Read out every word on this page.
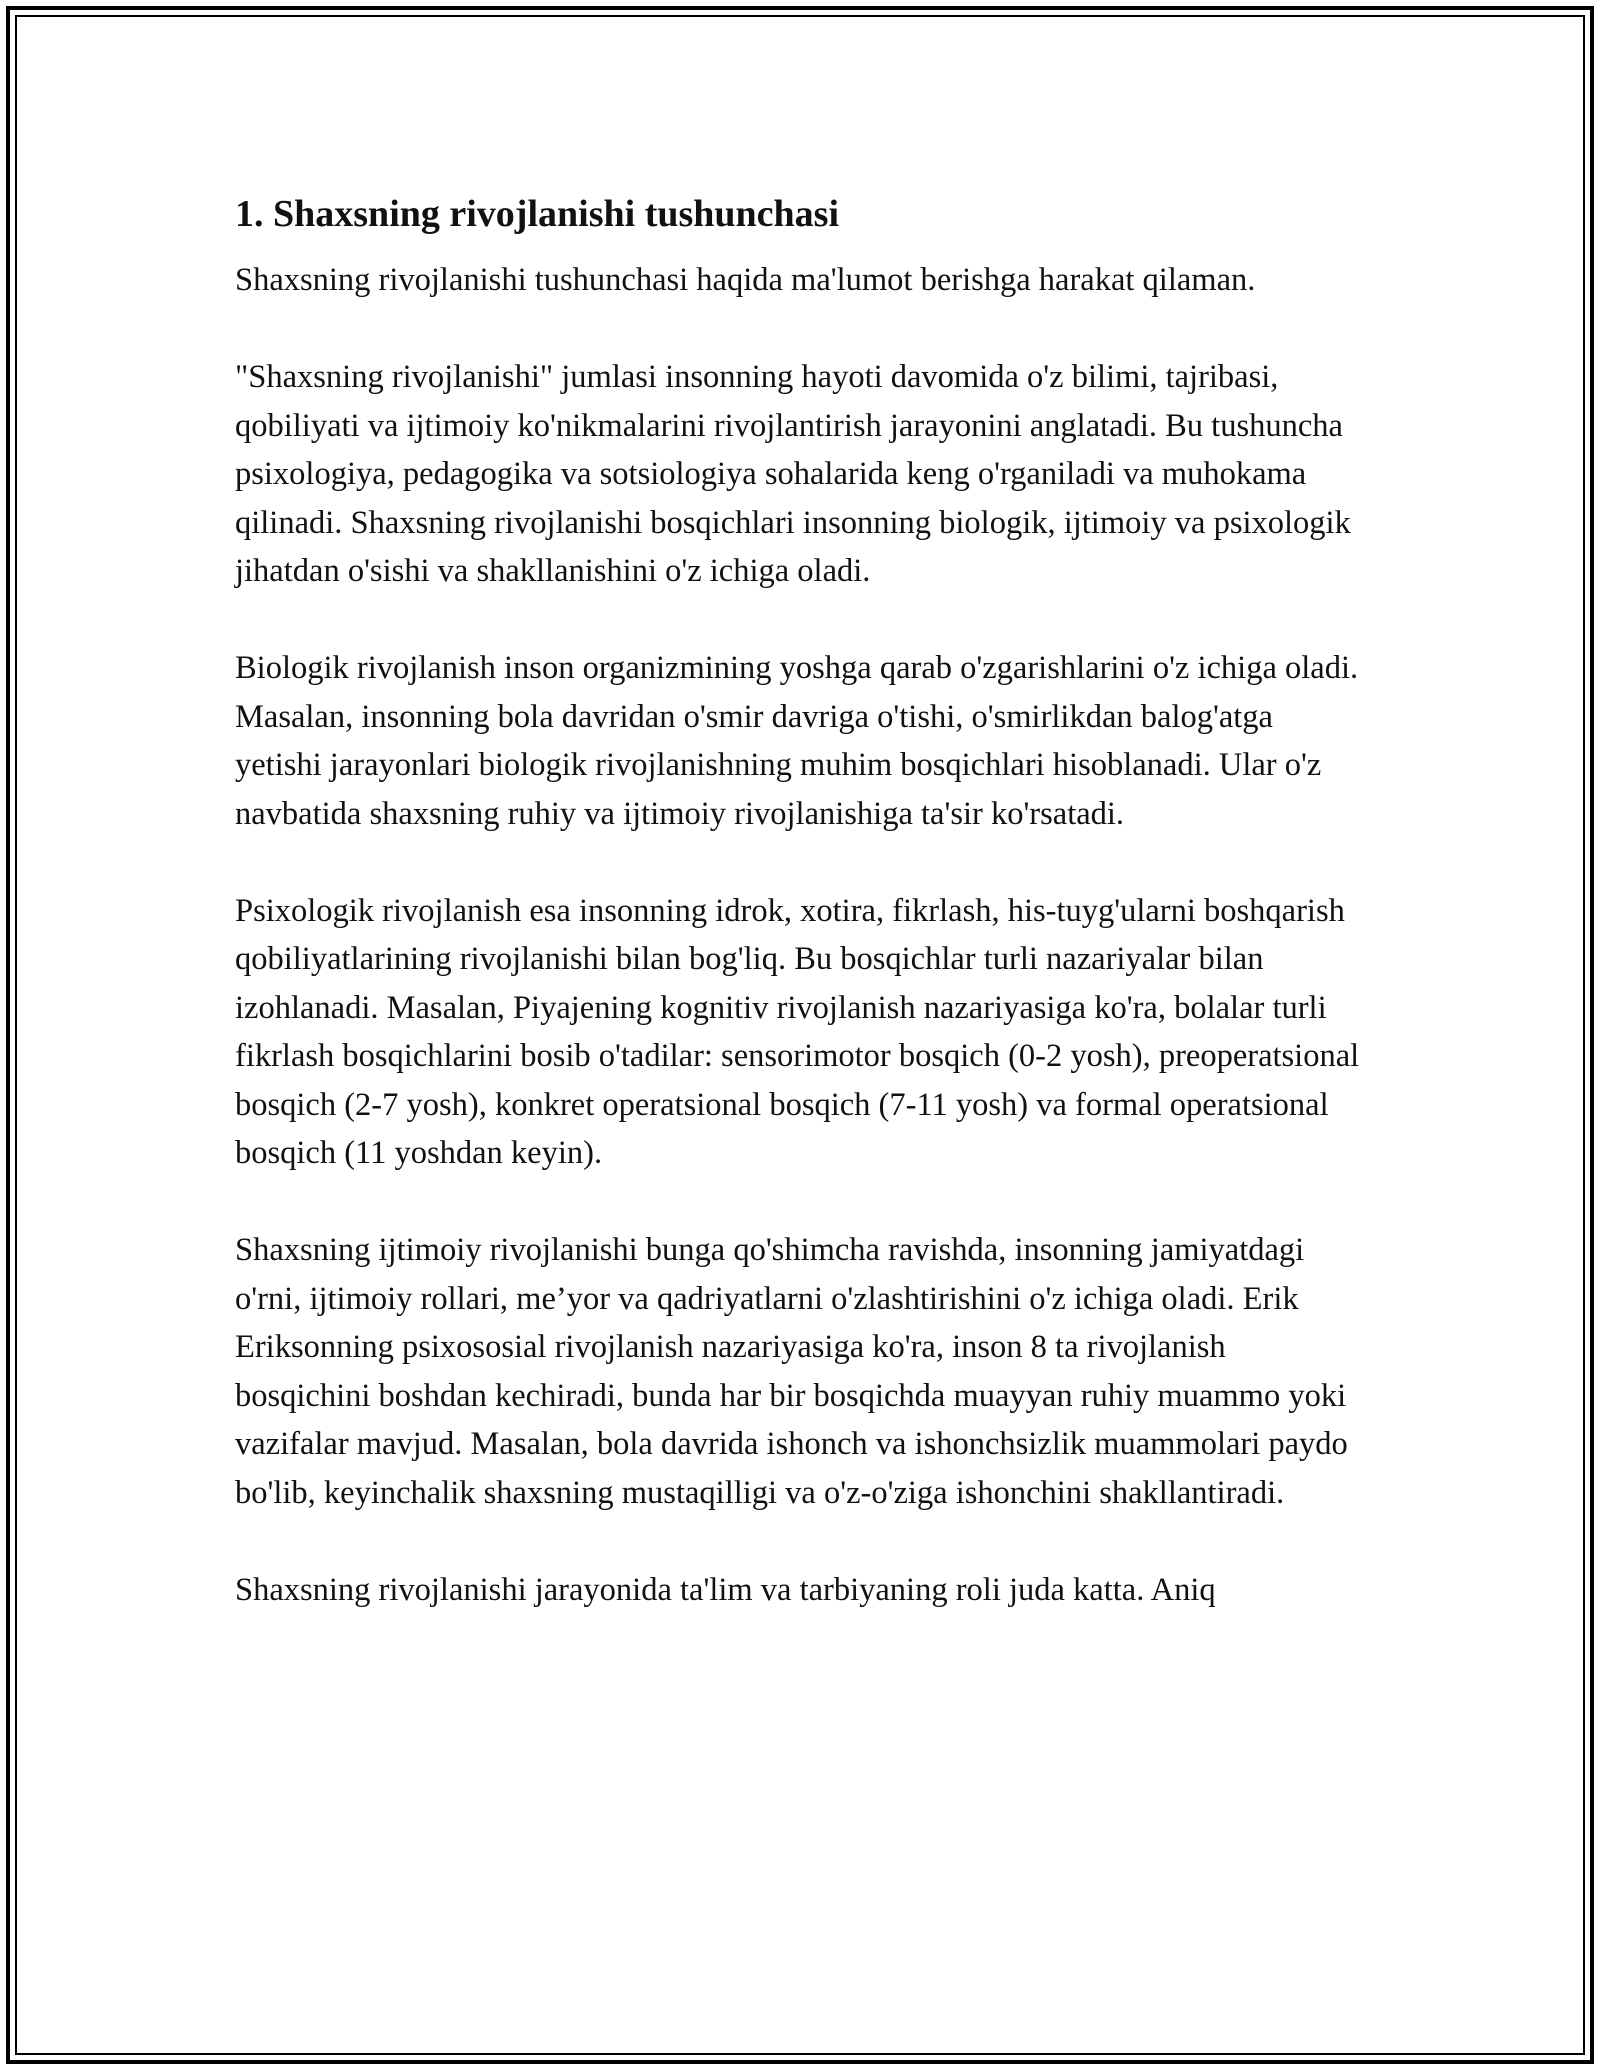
1. Shaxsning rivojlanishi tushunchasi

Shaxsning rivojlanishi tushunchasi haqida ma'lumot berishga harakat qilaman.

"Shaxsning rivojlanishi" jumlasi insonning hayoti davomida o'z bilimi, tajribasi, qobiliyati va ijtimoiy ko'nikmalarini rivojlantirish jarayonini anglatadi. Bu tushuncha psixologiya, pedagogika va sotsiologiya sohalarida keng o'rganiladi va muhokama qilinadi. Shaxsning rivojlanishi bosqichlari insonning biologik, ijtimoiy va psixologik jihatdan o'sishi va shakllanishini o'z ichiga oladi.

Biologik rivojlanish inson organizmining yoshga qarab o'zgarishlarini o'z ichiga oladi. Masalan, insonning bola davridan o'smir davriga o'tishi, o'smirlikdan balog'atga yetishi jarayonlari biologik rivojlanishning muhim bosqichlari hisoblanadi. Ular o'z navbatida shaxsning ruhiy va ijtimoiy rivojlanishiga ta'sir ko'rsatadi.

Psixologik rivojlanish esa insonning idrok, xotira, fikrlash, his-tuyg'ularni boshqarish qobiliyatlarining rivojlanishi bilan bog'liq. Bu bosqichlar turli nazariyalar bilan izohlanadi. Masalan, Piyajening kognitiv rivojlanish nazariyasiga ko'ra, bolalar turli fikrlash bosqichlarini bosib o'tadilar: sensorimotor bosqich (0-2 yosh), preoperatsional bosqich (2-7 yosh), konkret operatsional bosqich (7-11 yosh) va formal operatsional bosqich (11 yoshdan keyin).

Shaxsning ijtimoiy rivojlanishi bunga qo'shimcha ravishda, insonning jamiyatdagi o'rni, ijtimoiy rollari, me’yor va qadriyatlarni o'zlashtirishini o'z ichiga oladi. Erik Eriksonning psixososial rivojlanish nazariyasiga ko'ra, inson 8 ta rivojlanish bosqichini boshdan kechiradi, bunda har bir bosqichda muayyan ruhiy muammo yoki vazifalar mavjud. Masalan, bola davrida ishonch va ishonchsizlik muammolari paydo bo'lib, keyinchalik shaxsning mustaqilligi va o'z-o'ziga ishonchini shakllantiradi.

Shaxsning rivojlanishi jarayonida ta'lim va tarbiyaning roli juda katta. Aniq
